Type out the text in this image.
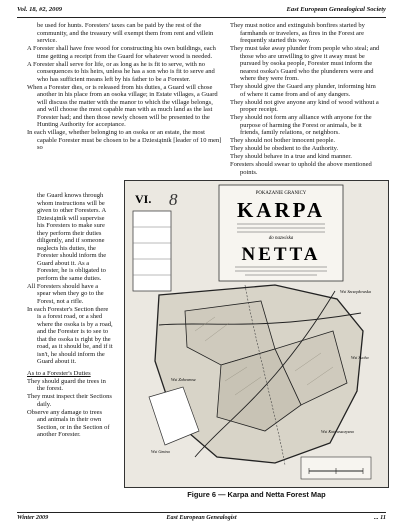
Vol. 18, #2, 2009	East European Genealogical Society

be used for hunts. Foresters' taxes can be paid by the rest of the community, and the treasury will exempt them from rent and villein service.

A Forester shall have free wood for constructing his own buildings, each time getting a receipt from the Guard for whatever wood is needed.

A Forester shall serve for life, or as long as he is fit to serve, with no consequences to his heirs, unless he has a son who is fit to serve and who has sufficient means left by his father to be a Forester.

When a Forester dies, or is released from his duties, a Guard will chose another in his place from an osoka village; in Estate villages, a Guard will discuss the matter with the manor to which the village belongs, and will choose the most capable man with as much land as the last Forester had; and then those newly chosen will be presented to the Hunting Authority for acceptance.

In each village, whether belonging to an osoka or an estate, the most capable Forester must be chosen to be a Dziesiątnik [leader of 10 men] so

the Guard knows through whom instructions will be given to other Foresters. A Dziesiątnik will supervise his Foresters to make sure they perform their duties diligently, and if someone neglects his duties, the Forester should inform the Guard about it. As a Forester, he is obligated to perform the same duties.

All Foresters should have a spear when they go to the Forest, not a rifle.

In each Forester's Section there is a forest road, or a shed where the osoka is by a road, and the Forester is to see to that the osoka is right by the road, as it should be, and if it isn't, he should inform the Guard about it.

As to a Forester's Duties

They should guard the trees in the forest.

They must inspect their Sections daily.

Observe any damage to trees and animals in their own Section, or in the Section of another Forester.

They must notice and extinguish bonfires started by farmhands or travelers, as fires in the Forest are frequently started this way.

They must take away plunder from people who steal; and those who are unwilling to give it away must be pursued by osoka people, Forester must inform the nearest osoka's Guard who the plunderers were and where they were from.

They should give the Guard any plunder, informing him of where it came from and of any dangers.

They should not give anyone any kind of wood without a proper receipt.

They should not form any alliance with anyone for the purpose of harming the Forest or animals, be it friends, family relations, or neighbors.

They should not bother innocent people.

They should be obedient to the Authority.

They should behave in a true and kind manner.

Foresters should swear to uphold the above mentioned points.

VI. 8	POKAZANIE GRANICY
KARPA
do nazwiska
NETTA
Wsi Szczepkowska
Wsi Sucha
Wsi Kotowszczyzna
Wsi Zahvarosz
Wsi Gmina
Figure 6 — Karpa and Netta Forest Map
Winter 2009	East European Genealogist	... 11
